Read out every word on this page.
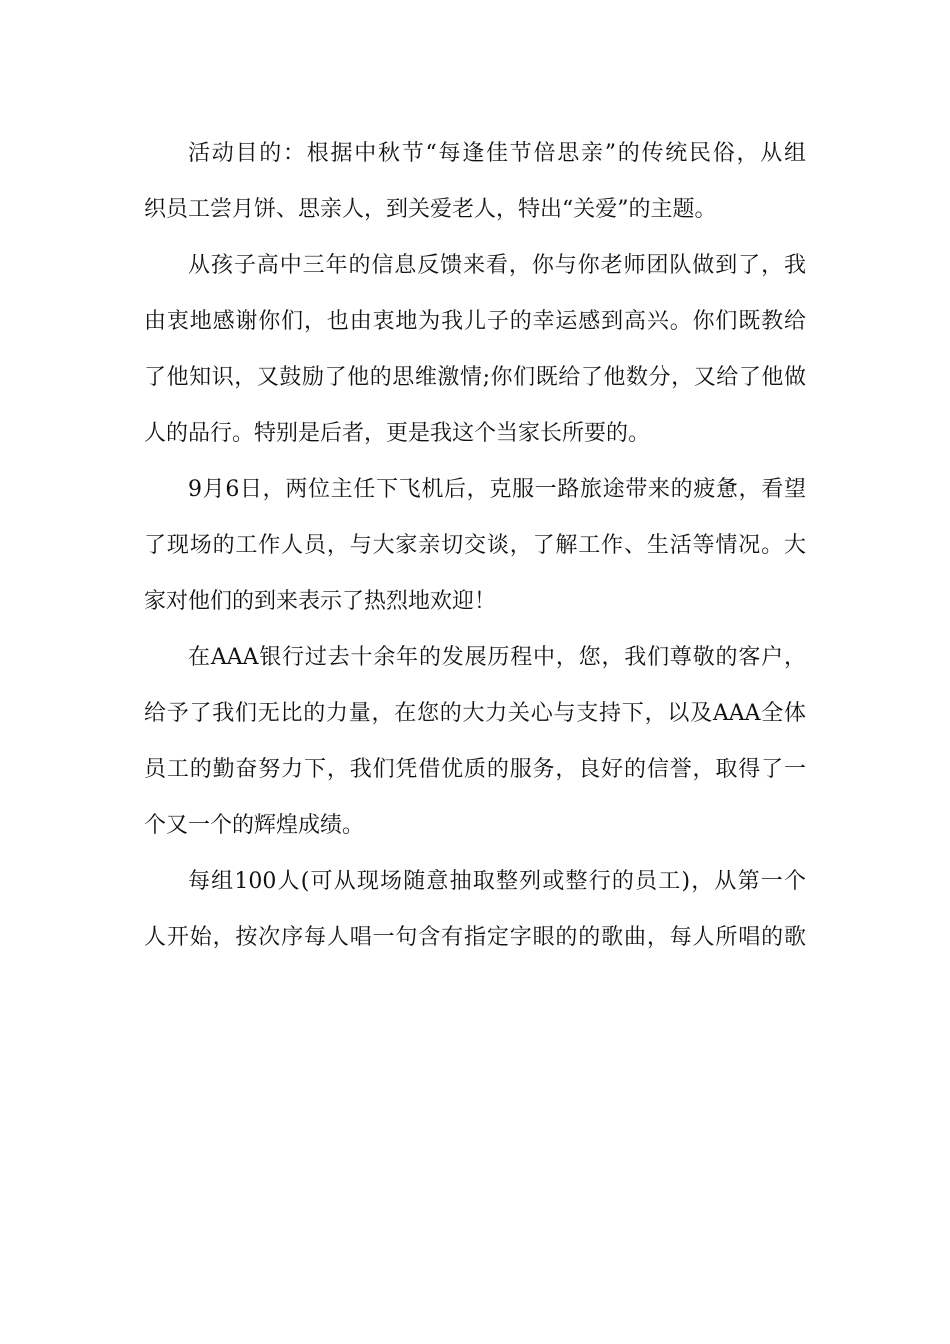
活动目的：根据中秋节“每逢佳节倍思亲”的传统民俗，从组
织员工尝月饼、思亲人，到关爱老人，特出“关爱”的主题。
从孩子高中三年的信息反馈来看，你与你老师团队做到了，我
由衷地感谢你们，也由衷地为我儿子的幸运感到高兴。你们既教给
了他知识，又鼓励了他的思维激情;你们既给了他数分，又给了他做
人的品行。特别是后者，更是我这个当家长所要的。
9月6日，两位主任下飞机后，克服一路旅途带来的疲惫，看望
了现场的工作人员，与大家亲切交谈，了解工作、生活等情况。大
家对他们的到来表示了热烈地欢迎！
在AAA银行过去十余年的发展历程中，您，我们尊敬的客户，
给予了我们无比的力量，在您的大力关心与支持下，以及AAA全体
员工的勤奋努力下，我们凭借优质的服务，良好的信誉，取得了一
个又一个的辉煌成绩。
每组100人(可从现场随意抽取整列或整行的员工)，从第一个
人开始，按次序每人唱一句含有指定字眼的的歌曲，每人所唱的歌
